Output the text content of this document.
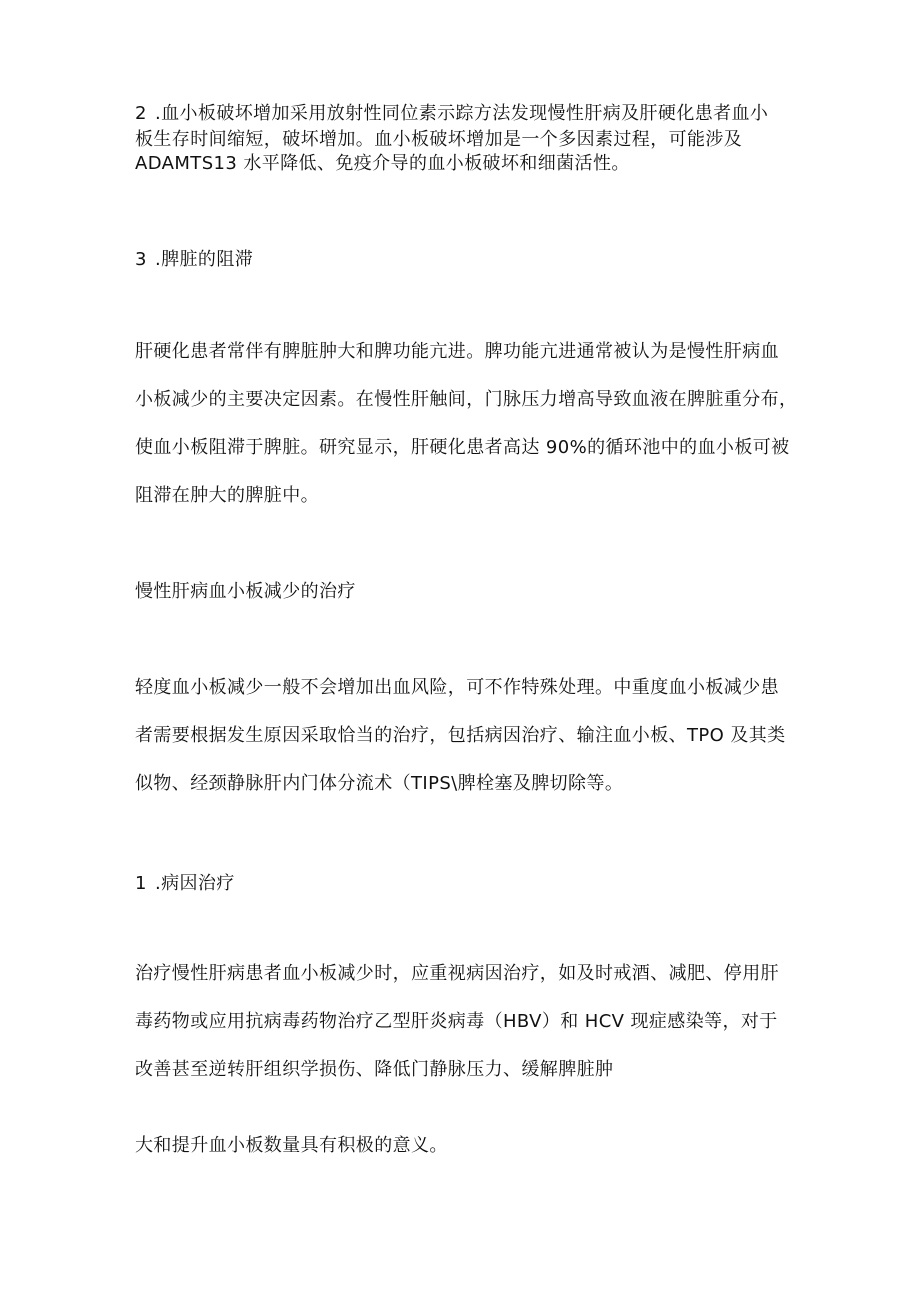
2 .血小板破坏增加采用放射性同位素示踪方法发现慢性肝病及肝硬化患者血小
板生存时间缩短，破坏增加。血小板破坏增加是一个多因素过程，可能涉及
ADAMTS13 水平降低、免疫介导的血小板破坏和细菌活性。
3 .脾脏的阻滞
肝硬化患者常伴有脾脏肿大和脾功能亢进。脾功能亢进通常被认为是慢性肝病血
小板减少的主要决定因素。在慢性肝触间，门脉压力增高导致血液在脾脏重分布，
使血小板阻滞于脾脏。研究显示，肝硬化患者高达 90%的循环池中的血小板可被
阻滞在肿大的脾脏中。
慢性肝病血小板减少的治疗
轻度血小板减少一般不会增加出血风险，可不作特殊处理。中重度血小板减少患
者需要根据发生原因采取恰当的治疗，包括病因治疗、输注血小板、TPO 及其类
似物、经颈静脉肝内门体分流术（TIPS\脾栓塞及脾切除等。
1 .病因治疗
治疗慢性肝病患者血小板减少时，应重视病因治疗，如及时戒酒、减肥、停用肝
毒药物或应用抗病毒药物治疗乙型肝炎病毒（HBV）和 HCV 现症感染等，对于
改善甚至逆转肝组织学损伤、降低门静脉压力、缓解脾脏肿
大和提升血小板数量具有积极的意义。
